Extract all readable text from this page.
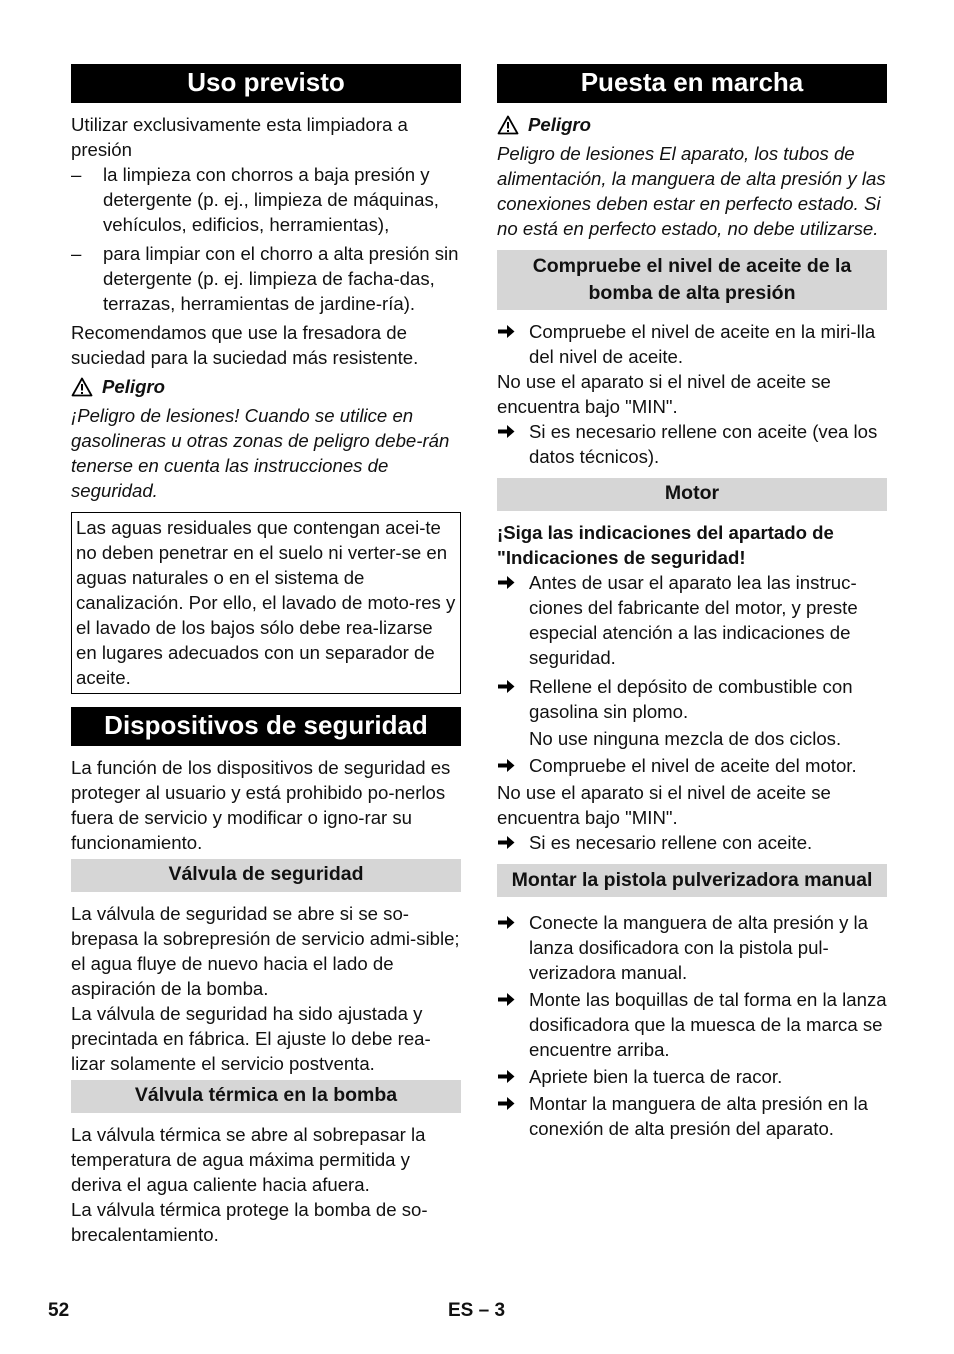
Uso previsto

Utilizar exclusivamente esta limpiadora a presión

– la limpieza con chorros a baja presión y detergente (p. ej., limpieza de máquinas, vehículos, edificios, herramientas),
– para limpiar con el chorro a alta presión sin detergente (p. ej. limpieza de facha-das, terrazas, herramientas de jardine-ría).

Recomendamos que use la fresadora de suciedad para la suciedad más resistente.

Peligro

¡Peligro de lesiones! Cuando se utilice en gasolineras u otras zonas de peligro debe-rán tenerse en cuenta las instrucciones de seguridad.

Las aguas residuales que contengan acei-te no deben penetrar en el suelo ni verter-se en aguas naturales o en el sistema de canalización. Por ello, el lavado de moto-res y el lavado de los bajos sólo debe rea-lizarse en lugares adecuados con un separador de aceite.

Dispositivos de seguridad

La función de los dispositivos de seguridad es proteger al usuario y está prohibido po-nerlos fuera de servicio y modificar o igno-rar su funcionamiento.

Válvula de seguridad

La válvula de seguridad se abre si se so-brepasa la sobrepresión de servicio admi-sible; el agua fluye de nuevo hacia el lado de aspiración de la bomba.

La válvula de seguridad ha sido ajustada y precintada en fábrica. El ajuste lo debe rea-lizar solamente el servicio postventa.

Válvula térmica en la bomba

La válvula térmica se abre al sobrepasar la temperatura de agua máxima permitida y deriva el agua caliente hacia afuera.

La válvula térmica protege la bomba de so-brecalentamiento.

Puesta en marcha
Peligro

Peligro de lesiones El aparato, los tubos de alimentación, la manguera de alta presión y las conexiones deben estar en perfecto estado. Si no está en perfecto estado, no debe utilizarse.

Compruebe el nivel de aceite de la bomba de alta presión
Compruebe el nivel de aceite en la miri-lla del nivel de aceite.

No use el aparato si el nivel de aceite se encuentra bajo "MIN".

Si es necesario rellene con aceite (vea los datos técnicos).
Motor

¡Siga las indicaciones del apartado de "Indicaciones de seguridad!

Antes de usar el aparato lea las instruc-ciones del fabricante del motor, y preste especial atención a las indicaciones de seguridad.
Rellene el depósito de combustible con gasolina sin plomo.

No use ninguna mezcla de dos ciclos.

Compruebe el nivel de aceite del motor.

No use el aparato si el nivel de aceite se encuentra bajo "MIN".

Si es necesario rellene con aceite.
Montar la pistola pulverizadora manual
Conecte la manguera de alta presión y la lanza dosificadora con la pistola pul-verizadora manual.
Monte las boquillas de tal forma en la lanza dosificadora que la muesca de la marca se encuentre arriba.
Apriete bien la tuerca de racor.
Montar la manguera de alta presión en la conexión de alta presión del aparato.
52	ES – 3
